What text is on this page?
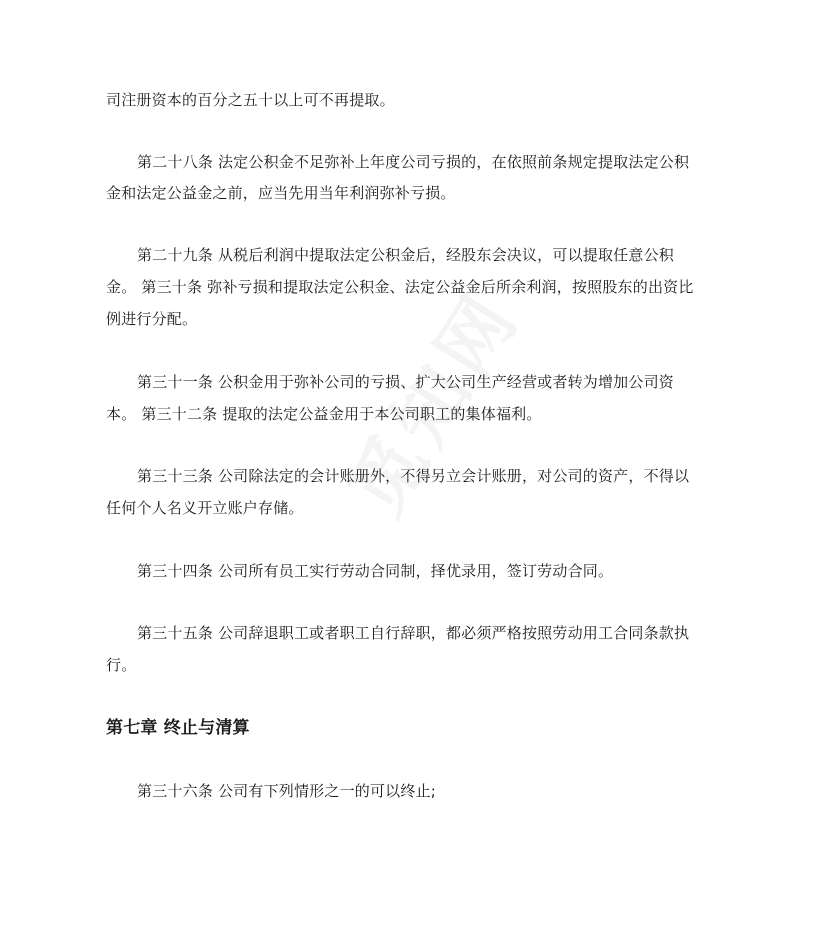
司注册资本的百分之五十以上可不再提取。
第二十八条 法定公积金不足弥补上年度公司亏损的，在依照前条规定提取法定公积
金和法定公益金之前，应当先用当年利润弥补亏损。
第二十九条 从税后利润中提取法定公积金后，经股东会决议，可以提取任意公积
金。 第三十条 弥补亏损和提取法定公积金、法定公益金后所余利润，按照股东的出资比
例进行分配。
第三十一条 公积金用于弥补公司的亏损、扩大公司生产经营或者转为增加公司资
本。 第三十二条 提取的法定公益金用于本公司职工的集体福利。
第三十三条 公司除法定的会计账册外，不得另立会计账册，对公司的资产，不得以
任何个人名义开立账户存储。
第三十四条 公司所有员工实行劳动合同制，择优录用，签订劳动合同。
第三十五条 公司辞退职工或者职工自行辞职，都必须严格按照劳动用工合同条款执
行。
第七章 终止与清算
第三十六条 公司有下列情形之一的可以终止;
